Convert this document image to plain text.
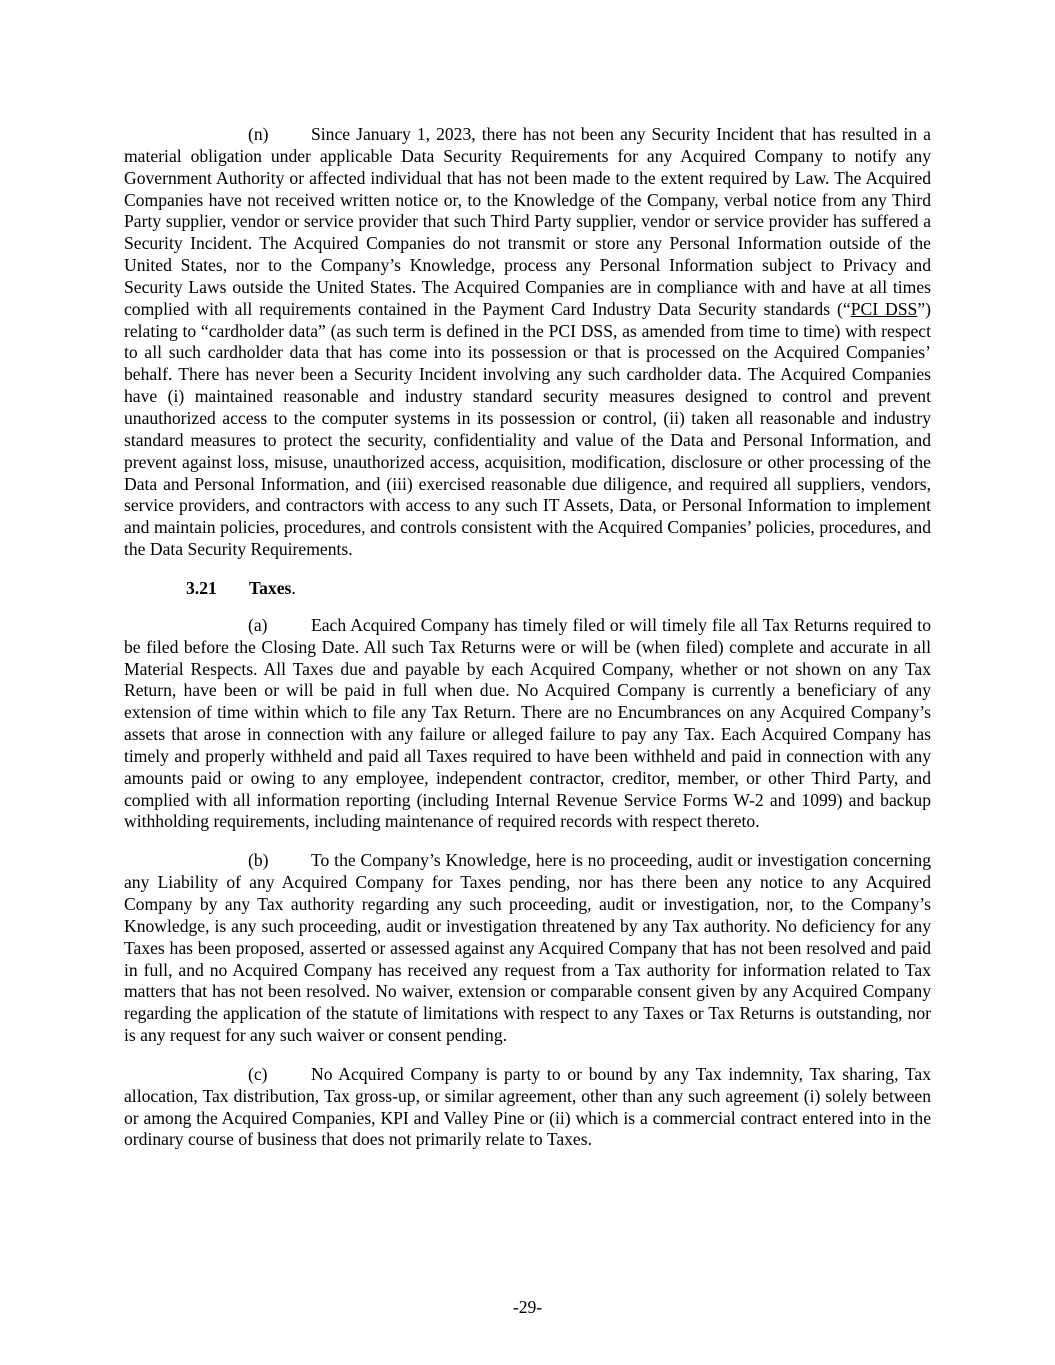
(n) Since January 1, 2023, there has not been any Security Incident that has resulted in a material obligation under applicable Data Security Requirements for any Acquired Company to notify any Government Authority or affected individual that has not been made to the extent required by Law. The Acquired Companies have not received written notice or, to the Knowledge of the Company, verbal notice from any Third Party supplier, vendor or service provider that such Third Party supplier, vendor or service provider has suffered a Security Incident. The Acquired Companies do not transmit or store any Personal Information outside of the United States, nor to the Company’s Knowledge, process any Personal Information subject to Privacy and Security Laws outside the United States. The Acquired Companies are in compliance with and have at all times complied with all requirements contained in the Payment Card Industry Data Security standards (“PCI DSS”) relating to “cardholder data” (as such term is defined in the PCI DSS, as amended from time to time) with respect to all such cardholder data that has come into its possession or that is processed on the Acquired Companies’ behalf. There has never been a Security Incident involving any such cardholder data. The Acquired Companies have (i) maintained reasonable and industry standard security measures designed to control and prevent unauthorized access to the computer systems in its possession or control, (ii) taken all reasonable and industry standard measures to protect the security, confidentiality and value of the Data and Personal Information, and prevent against loss, misuse, unauthorized access, acquisition, modification, disclosure or other processing of the Data and Personal Information, and (iii) exercised reasonable due diligence, and required all suppliers, vendors, service providers, and contractors with access to any such IT Assets, Data, or Personal Information to implement and maintain policies, procedures, and controls consistent with the Acquired Companies’ policies, procedures, and the Data Security Requirements.

3.21 Taxes.

(a) Each Acquired Company has timely filed or will timely file all Tax Returns required to be filed before the Closing Date. All such Tax Returns were or will be (when filed) complete and accurate in all Material Respects. All Taxes due and payable by each Acquired Company, whether or not shown on any Tax Return, have been or will be paid in full when due. No Acquired Company is currently a beneficiary of any extension of time within which to file any Tax Return. There are no Encumbrances on any Acquired Company’s assets that arose in connection with any failure or alleged failure to pay any Tax. Each Acquired Company has timely and properly withheld and paid all Taxes required to have been withheld and paid in connection with any amounts paid or owing to any employee, independent contractor, creditor, member, or other Third Party, and complied with all information reporting (including Internal Revenue Service Forms W-2 and 1099) and backup withholding requirements, including maintenance of required records with respect thereto.

(b) To the Company’s Knowledge, here is no proceeding, audit or investigation concerning any Liability of any Acquired Company for Taxes pending, nor has there been any notice to any Acquired Company by any Tax authority regarding any such proceeding, audit or investigation, nor, to the Company’s Knowledge, is any such proceeding, audit or investigation threatened by any Tax authority. No deficiency for any Taxes has been proposed, asserted or assessed against any Acquired Company that has not been resolved and paid in full, and no Acquired Company has received any request from a Tax authority for information related to Tax matters that has not been resolved. No waiver, extension or comparable consent given by any Acquired Company regarding the application of the statute of limitations with respect to any Taxes or Tax Returns is outstanding, nor is any request for any such waiver or consent pending.

(c) No Acquired Company is party to or bound by any Tax indemnity, Tax sharing, Tax allocation, Tax distribution, Tax gross-up, or similar agreement, other than any such agreement (i) solely between or among the Acquired Companies, KPI and Valley Pine or (ii) which is a commercial contract entered into in the ordinary course of business that does not primarily relate to Taxes.

-29-
